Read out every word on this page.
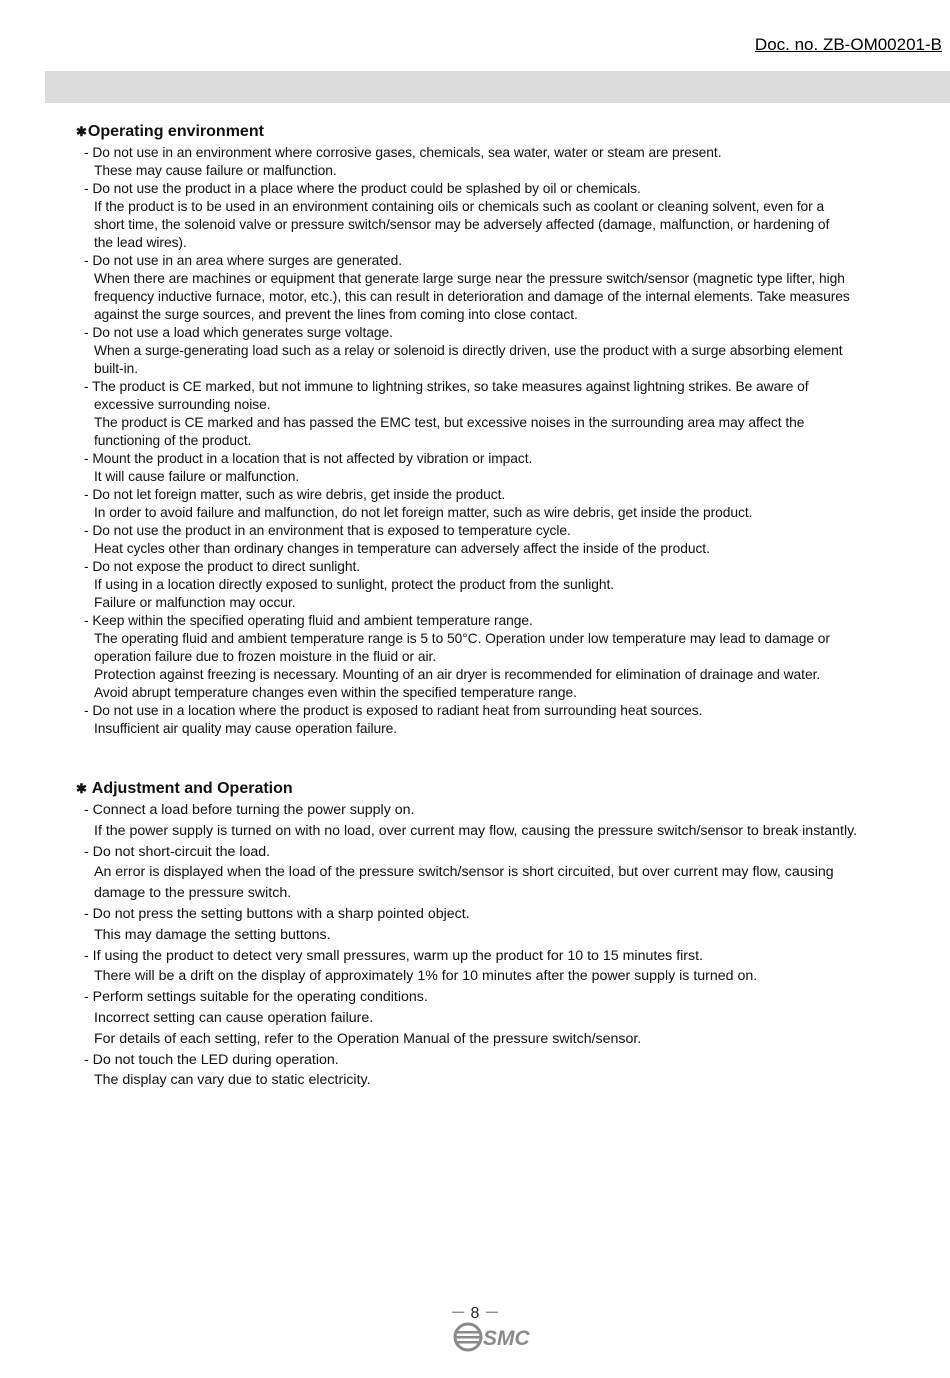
Doc. no. ZB-OM00201-B
✱Operating environment
- Do not use in an environment where corrosive gases, chemicals, sea water, water or steam are present.
These may cause failure or malfunction.
- Do not use the product in a place where the product could be splashed by oil or chemicals.
If the product is to be used in an environment containing oils or chemicals such as coolant or cleaning solvent, even for a
short time, the solenoid valve or pressure switch/sensor may be adversely affected (damage, malfunction, or hardening of
the lead wires).
- Do not use in an area where surges are generated.
When there are machines or equipment that generate large surge near the pressure switch/sensor (magnetic type lifter, high
frequency inductive furnace, motor, etc.), this can result in deterioration and damage of the internal elements. Take measures
against the surge sources, and prevent the lines from coming into close contact.
- Do not use a load which generates surge voltage.
When a surge-generating load such as a relay or solenoid is directly driven, use the product with a surge absorbing element
built-in.
- The product is CE marked, but not immune to lightning strikes, so take measures against lightning strikes. Be aware of
excessive surrounding noise.
The product is CE marked and has passed the EMC test, but excessive noises in the surrounding area may affect the
functioning of the product.
- Mount the product in a location that is not affected by vibration or impact.
It will cause failure or malfunction.
- Do not let foreign matter, such as wire debris, get inside the product.
In order to avoid failure and malfunction, do not let foreign matter, such as wire debris, get inside the product.
- Do not use the product in an environment that is exposed to temperature cycle.
Heat cycles other than ordinary changes in temperature can adversely affect the inside of the product.
- Do not expose the product to direct sunlight.
If using in a location directly exposed to sunlight, protect the product from the sunlight.
Failure or malfunction may occur.
- Keep within the specified operating fluid and ambient temperature range.
The operating fluid and ambient temperature range is 5 to 50°C. Operation under low temperature may lead to damage or
operation failure due to frozen moisture in the fluid or air.
Protection against freezing is necessary. Mounting of an air dryer is recommended for elimination of drainage and water.
Avoid abrupt temperature changes even within the specified temperature range.
- Do not use in a location where the product is exposed to radiant heat from surrounding heat sources.
Insufficient air quality may cause operation failure.
✱ Adjustment and Operation
- Connect a load before turning the power supply on.
If the power supply is turned on with no load, over current may flow, causing the pressure switch/sensor to break instantly.
- Do not short-circuit the load.
An error is displayed when the load of the pressure switch/sensor is short circuited, but over current may flow, causing
damage to the pressure switch.
- Do not press the setting buttons with a sharp pointed object.
This may damage the setting buttons.
- If using the product to detect very small pressures, warm up the product for 10 to 15 minutes first.
There will be a drift on the display of approximately 1% for 10 minutes after the power supply is turned on.
- Perform settings suitable for the operating conditions.
Incorrect setting can cause operation failure.
For details of each setting, refer to the Operation Manual of the pressure switch/sensor.
- Do not touch the LED during operation.
The display can vary due to static electricity.
－ 8 －
SMC
